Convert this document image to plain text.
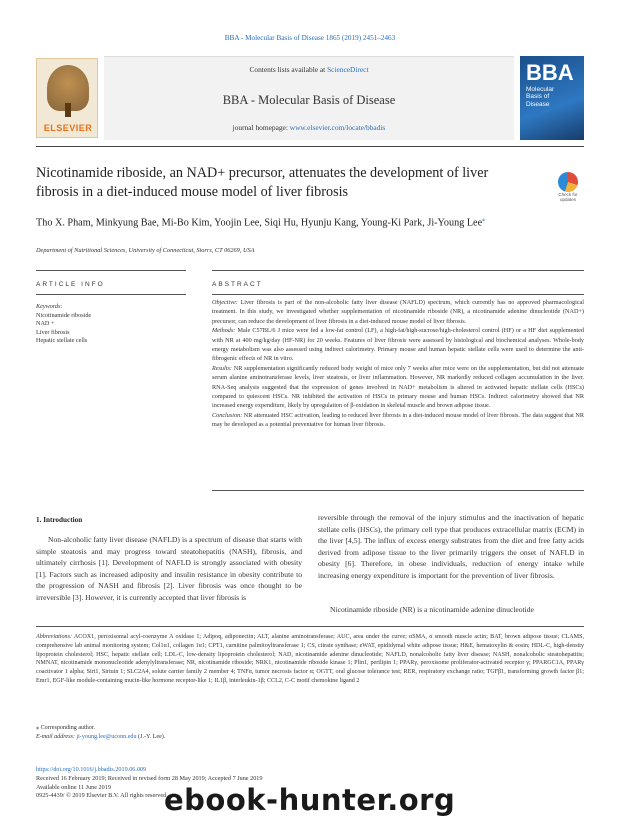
BBA - Molecular Basis of Disease 1865 (2019) 2451–2463
ELSEVIER
Contents lists available at ScienceDirect
BBA - Molecular Basis of Disease
journal homepage: www.elsevier.com/locate/bbadis
BBA
Molecular
Basis of
Disease
Nicotinamide riboside, an NAD+ precursor, attenuates the development of liver fibrosis in a diet-induced mouse model of liver fibrosis	Check for updates
Tho X. Pham, Minkyung Bae, Mi-Bo Kim, Yoojin Lee, Siqi Hu, Hyunju Kang, Young-Ki Park, Ji-Young Lee⁎
Department of Nutritional Sciences, University of Connecticut, Storrs, CT 06269, USA
ARTICLE INFO	ABSTRACT
Keywords:
Nicotinamide riboside
NAD +
Liver fibrosis
Hepatic stellate cells

Objective: Liver fibrosis is part of the non-alcoholic fatty liver disease (NAFLD) spectrum, which currently has no approved pharmacological treatment. In this study, we investigated whether supplementation of nicotinamide riboside (NR), a nicotinamide adenine dinucleotide (NAD+) precursor, can reduce the development of liver fibrosis in a diet-induced mouse model of liver fibrosis.

Methods: Male C57BL/6 J mice were fed a low-fat control (LF), a high-fat/high-sucrose/high-cholesterol control (HF) or a HF diet supplemented with NR at 400 mg/kg/day (HF-NR) for 20 weeks. Features of liver fibrosis were assessed by histological and biochemical analyses. Whole-body energy metabolism was also assessed using indirect calorimetry. Primary mouse and human hepatic stellate cells were used to determine the anti-fibrogenic effects of NR in vitro.

Results: NR supplementation significantly reduced body weight of mice only 7 weeks after mice were on the supplementation, but did not attenuate serum alanine aminotransferase levels, liver steatosis, or liver inflammation. However, NR markedly reduced collagen accumulation in the liver. RNA-Seq analysis suggested that the expression of genes involved in NAD+ metabolism is altered in activated hepatic stellate cells (HSCs) compared to quiescent HSCs. NR inhibited the activation of HSCs in primary mouse and human HSCs. Indirect calorimetry showed that NR increased energy expenditure, likely by upregulation of β-oxidation in skeletal muscle and brown adipose tissue.

Conclusion: NR attenuated HSC activation, leading to reduced liver fibrosis in a diet-induced mouse model of liver fibrosis. The data suggest that NR may be developed as a potential preventative for human liver fibrosis.

1. Introduction
Non-alcoholic fatty liver disease (NAFLD) is a spectrum of disease that starts with simple steatosis and may progress toward steatohepatitis (NASH), fibrosis, and ultimately cirrhosis [1]. Development of NAFLD is strongly associated with obesity [1]. Factors such as increased adiposity and insulin resistance in obesity contribute to the progression of NASH and fibrosis [2]. Liver fibrosis was once thought to be irreversible [3]. However, it is currently accepted that liver fibrosis is
reversible through the removal of the injury stimulus and the inactivation of hepatic stellate cells (HSCs), the primary cell type that produces extracellular matrix (ECM) in the liver [4,5]. The influx of excess energy substrates from the diet and free fatty acids derived from adipose tissue to the liver primarily triggers the onset of NAFLD in obesity [6]. Therefore, in obese individuals, reduction of energy intake while increasing energy expenditure is important for the prevention of liver fibrosis.
Nicotinamide riboside (NR) is a nicotinamide adenine dinucleotide
Abbreviations: ACOX1, peroxisomal acyl-coenzyme A oxidase 1; Adipoq, adiponectin; ALT, alanine aminotransferase; AUC, area under the curve; αSMA, α smooth muscle actin; BAT, brown adipose tissue; CLAMS, comprehensive lab animal monitoring system; Col1α1, collagen 1α1; CPT1, carnitine palmitoyltransferase 1; CS, citrate synthase; eWAT, epididymal white adipose tissue; H&E, hematoxylin & eosin; HDL-C, high-density lipoprotein cholesterol; HSC, hepatic stellate cell; LDL-C, low-density lipoprotein cholesterol; NAD, nicotinamide adenine dinucleotide; NAFLD, nonalcoholic fatty liver disease; NASH, nonalcoholic steatohepatitis; NMNAT, nicotinamide mononucleotide adenylyltransferase; NR, nicotinamide riboside; NRK1, nicotinamide riboside kinase 1; Plin1, perilipin 1; PPARγ, peroxisome proliferator-activated receptor γ; PPARGC1A, PPARγ coactivator 1 alpha; Sirt1, Sirtuin 1; SLC2A4, solute carrier family 2 member 4; TNFα, tumor necrosis factor α; OGTT, oral glucose tolerance test; RER, respiratory exchange ratio; TGFβ1, transforming growth factor β1; Emr1, EGF-like module-containing mucin-like hormone receptor-like 1; IL1β, interleukin-1β; CCL2, C-C motif chemokine ligand 2
⁎ Corresponding author.
E-mail address: ji-young.lee@uconn.edu (J.-Y. Lee).
https://doi.org/10.1016/j.bbadis.2019.06.009
Received 16 February 2019; Received in revised form 28 May 2019; Accepted 7 June 2019
Available online 11 June 2019
0925-4439/ © 2019 Elsevier B.V. All rights reserved.
ebook-hunter.org
